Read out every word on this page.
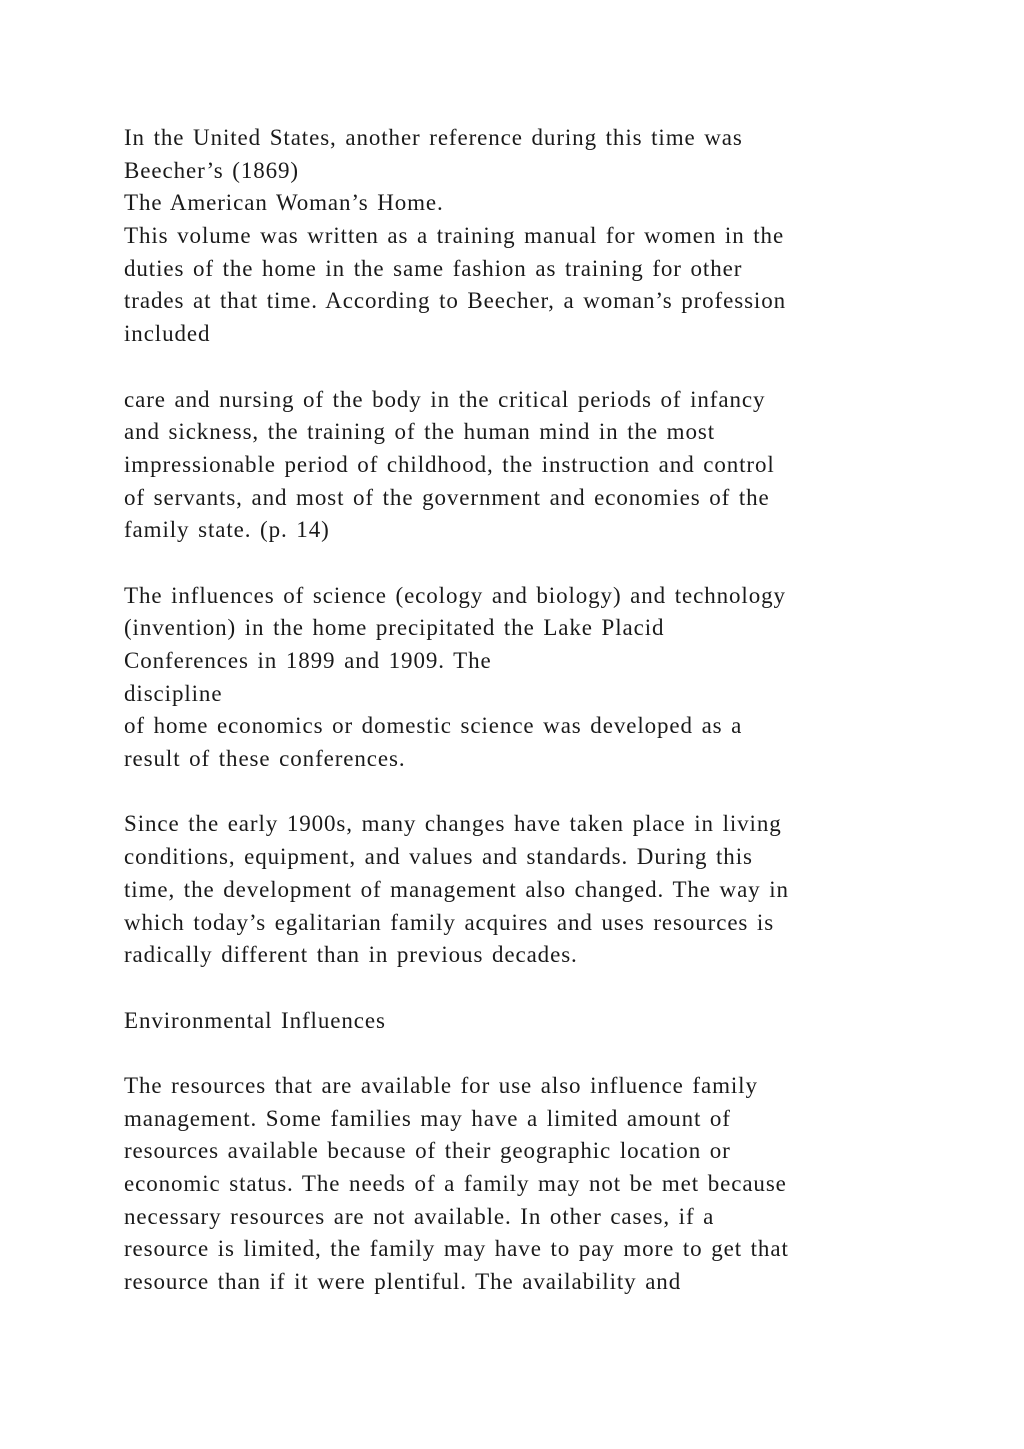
In the United States, another reference during this time was
Beecher’s (1869)
The American Woman’s Home.
This volume was written as a training manual for women in the
duties of the home in the same fashion as training for other
trades at that time. According to Beecher, a woman’s profession
included
care and nursing of the body in the critical periods of infancy
and sickness, the training of the human mind in the most
impressionable period of childhood, the instruction and control
of servants, and most of the government and economies of the
family state. (p. 14)
The influences of science (ecology and biology) and technology
(invention) in the home precipitated the Lake Placid
Conferences in 1899 and 1909. The
discipline
of home economics or domestic science was developed as a
result of these conferences.
Since the early 1900s, many changes have taken place in living
conditions, equipment, and values and standards. During this
time, the development of management also changed. The way in
which today’s egalitarian family acquires and uses resources is
radically different than in previous decades.
Environmental Influences
The resources that are available for use also influence family
management. Some families may have a limited amount of
resources available because of their geographic location or
economic status. The needs of a family may not be met because
necessary resources are not available. In other cases, if a
resource is limited, the family may have to pay more to get that
resource than if it were plentiful. The availability and
